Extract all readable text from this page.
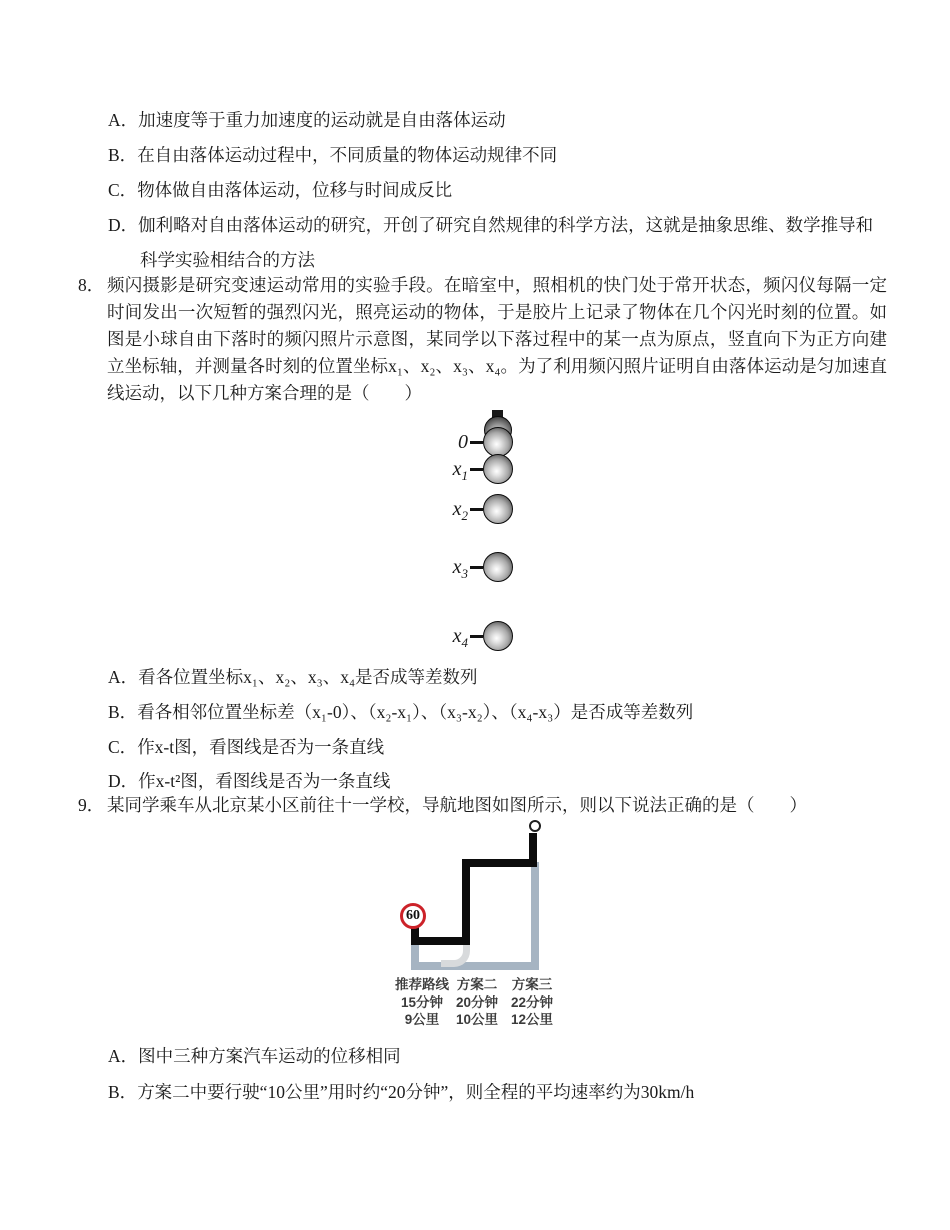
A．加速度等于重力加速度的运动就是自由落体运动
B．在自由落体运动过程中，不同质量的物体运动规律不同
C．物体做自由落体运动，位移与时间成反比
D．伽利略对自由落体运动的研究，开创了研究自然规律的科学方法，这就是抽象思维、数学推导和
科学实验相结合的方法
8． 频闪摄影是研究变速运动常用的实验手段。在暗室中，照相机的快门处于常开状态，频闪仪每隔一定
时间发出一次短暂的强烈闪光，照亮运动的物体，于是胶片上记录了物体在几个闪光时刻的位置。如
图是小球自由下落时的频闪照片示意图，某同学以下落过程中的某一点为原点，竖直向下为正方向建
立坐标轴，并测量各时刻的位置坐标x₁、x₂、x₃、x₄。为了利用频闪照片证明自由落体运动是匀加速直
线运动，以下几种方案合理的是（　　）
0
$x_1$
$x_2$
$x_3$
$x_4$
A．看各位置坐标x₁、x₂、x₃、x₄是否成等差数列
B．看各相邻位置坐标差（x₁-0）、（x₂-x₁）、（x₃-x₂）、（x₄-x₃）是否成等差数列
C．作x-t图，看图线是否为一条直线
D．作x-t²图，看图线是否为一条直线
9． 某同学乘车从北京某小区前往十一学校，导航地图如图所示，则以下说法正确的是（　　）
60
推荐路线
15分钟
9公里
方案二
20分钟
10公里
方案三
22分钟
12公里
A．图中三种方案汽车运动的位移相同
B．方案二中要行驶“10公里”用时约“20分钟”，则全程的平均速率约为30km/h
